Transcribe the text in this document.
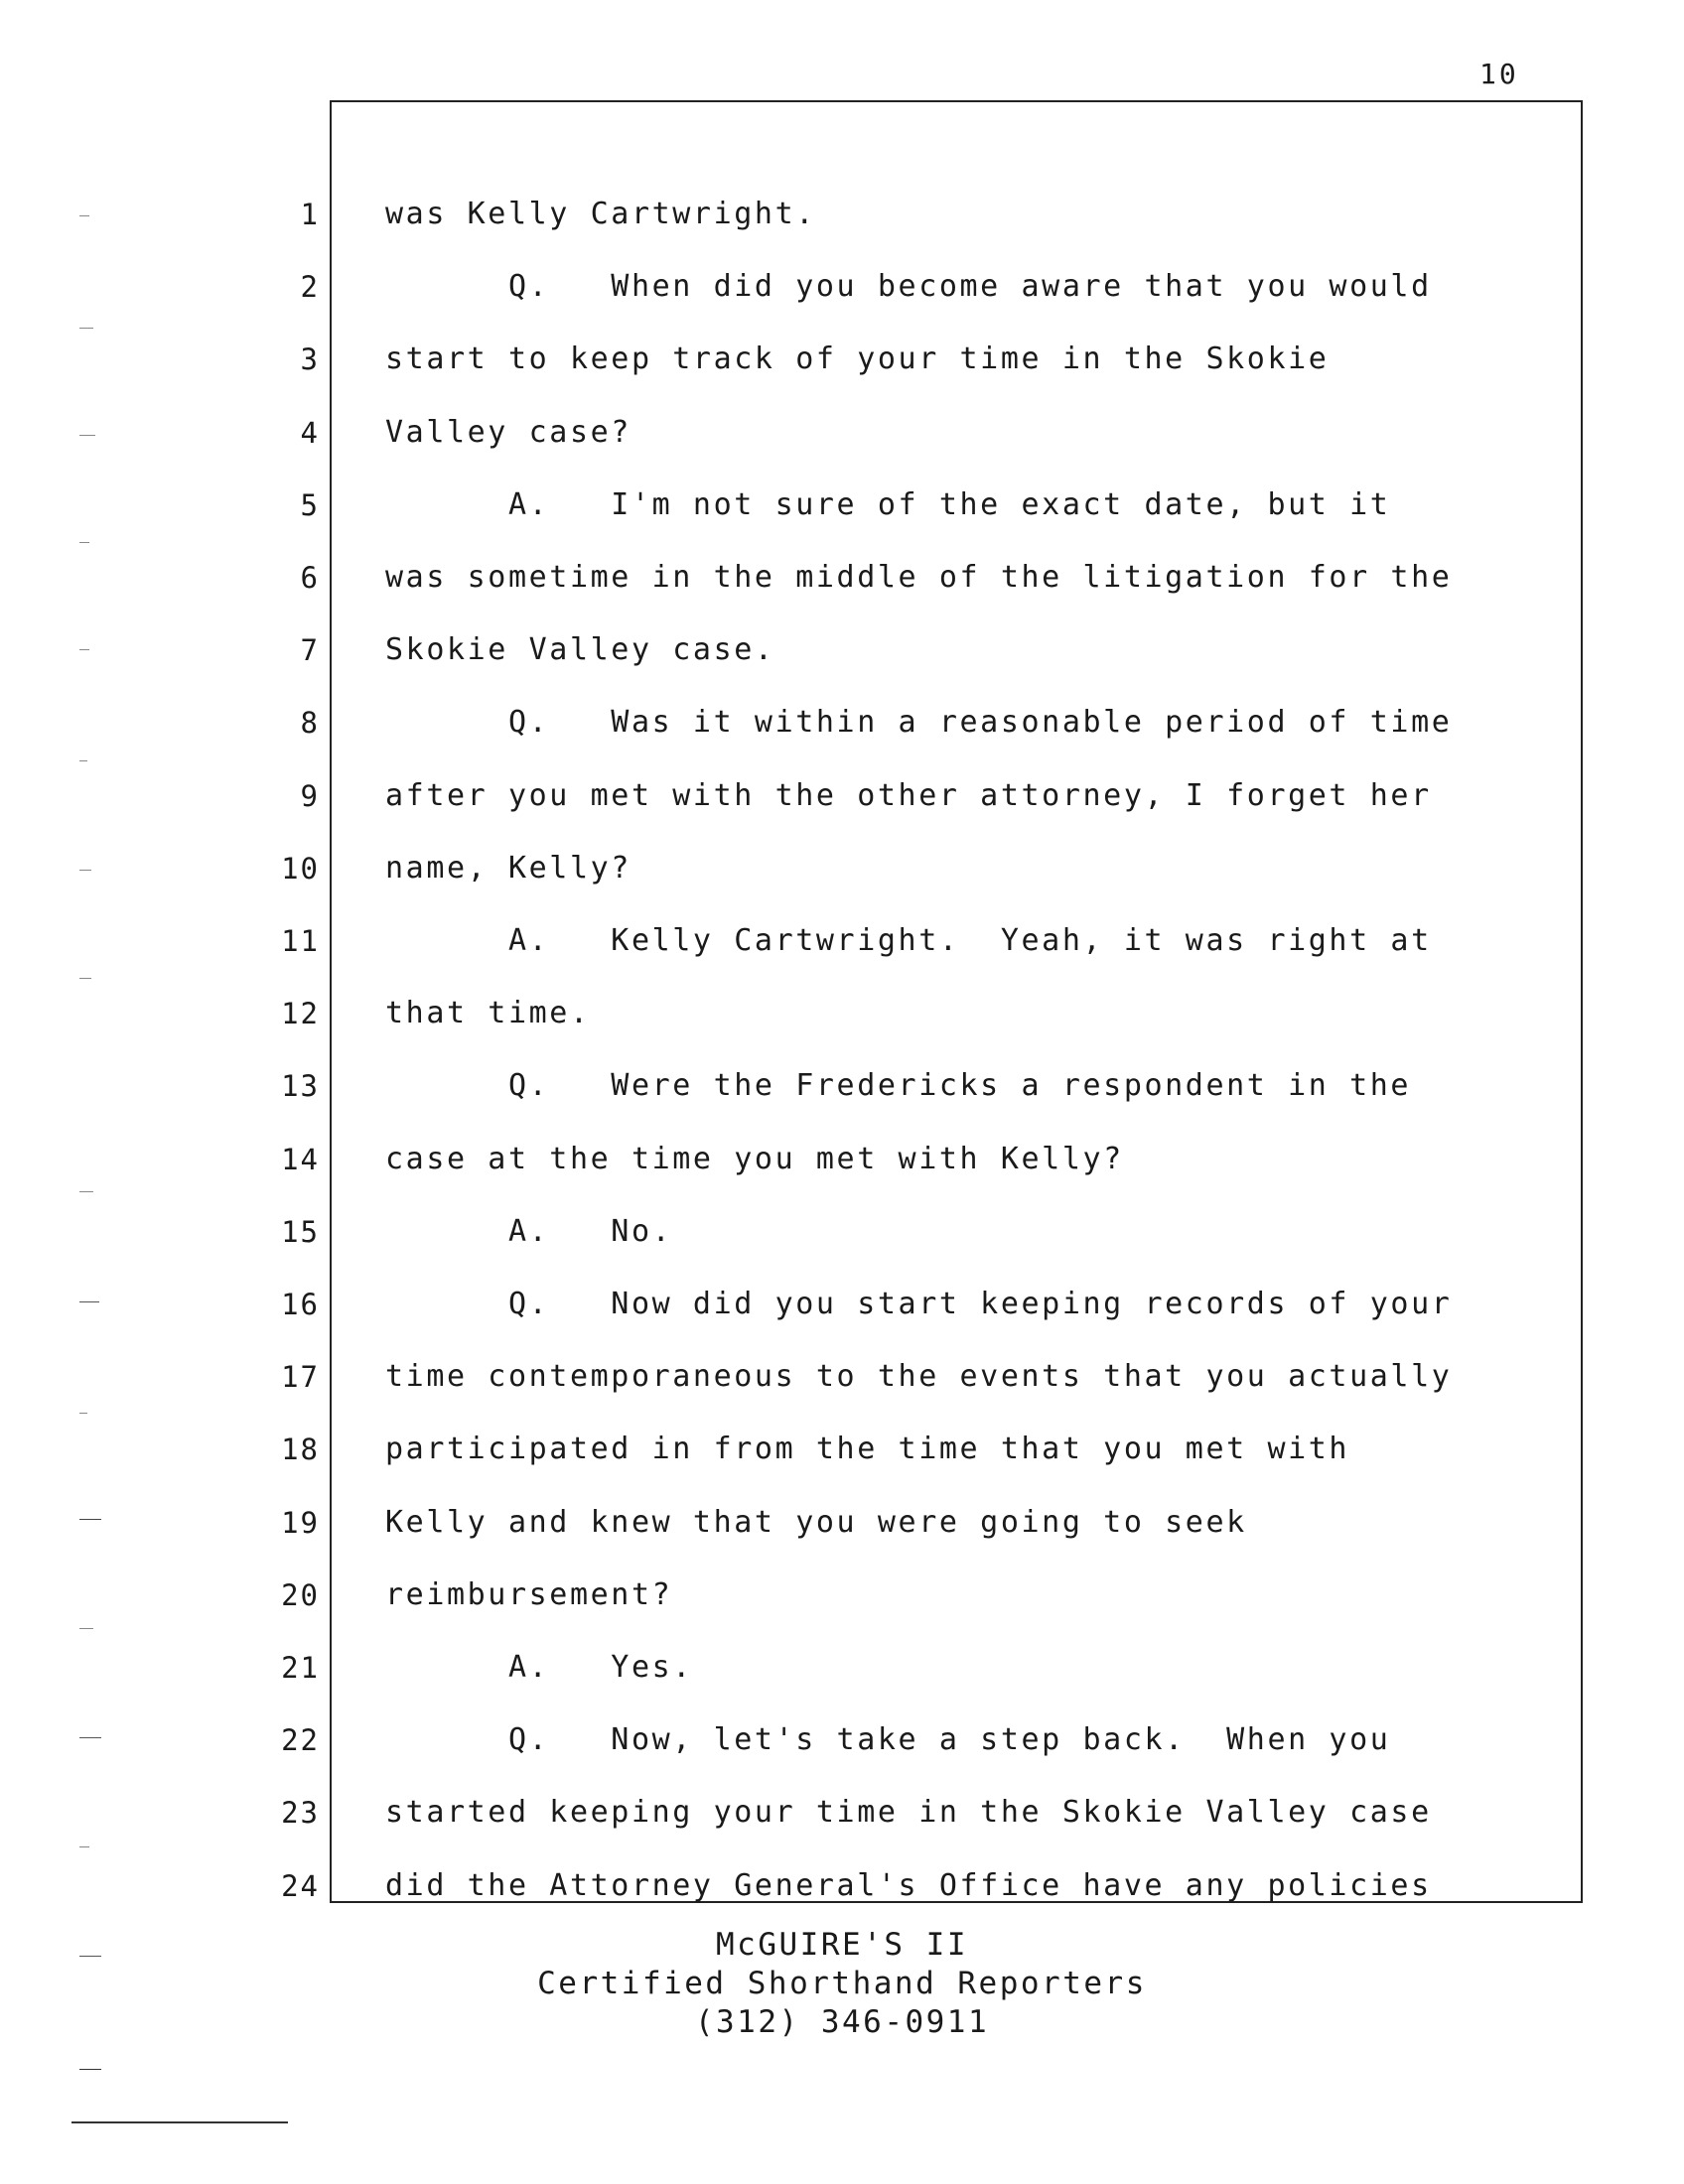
10
1 was Kelly Cartwright.
2 Q.   When did you become aware that you would
3 start to keep track of your time in the Skokie
4 Valley case?
5 A.   I'm not sure of the exact date, but it
6 was sometime in the middle of the litigation for the
7 Skokie Valley case.
8 Q.   Was it within a reasonable period of time
9 after you met with the other attorney, I forget her
10 name, Kelly?
11 A.   Kelly Cartwright.  Yeah, it was right at
12 that time.
13 Q.   Were the Fredericks a respondent in the
14 case at the time you met with Kelly?
15 A.   No.
16 Q.   Now did you start keeping records of your
17 time contemporaneous to the events that you actually
18 participated in from the time that you met with
19 Kelly and knew that you were going to seek
20 reimbursement?
21 A.   Yes.
22 Q.   Now, let's take a step back.  When you
23 started keeping your time in the Skokie Valley case
24 did the Attorney General's Office have any policies
McGUIRE'S II
Certified Shorthand Reporters
(312) 346-0911
